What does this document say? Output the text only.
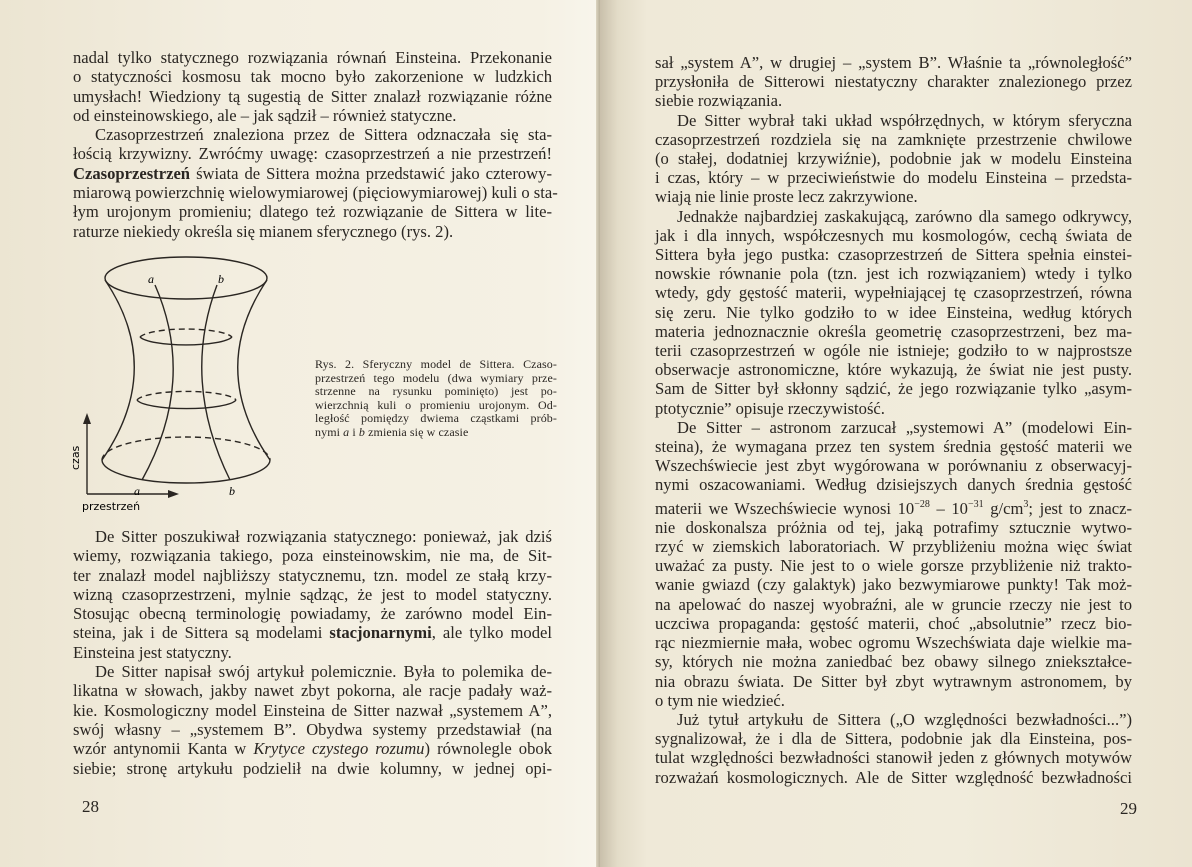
nadal tylko statycznego rozwiązania równań Einsteina. Przekonanie
o statyczności kosmosu tak mocno było zakorzenione w ludzkich
umysłach! Wiedziony tą sugestią de Sitter znalazł rozwiązanie różne
od einsteinowskiego, ale – jak sądził – również statyczne.
Czasoprzestrzeń znaleziona przez de Sittera odznaczała się sta-
łością krzywizny. Zwróćmy uwagę: czasoprzestrzeń a nie przestrzeń!
Czasoprzestrzeń świata de Sittera można przedstawić jako czterowy-
miarową powierzchnię wielowymiarowej (pięciowymiarowej) kuli o sta-
łym urojonym promieniu; dlatego też rozwiązanie de Sittera w lite-
raturze niekiedy określa się mianem sferycznego (rys. 2).
a	b
a	b
czas
przestrzeń
Rys. 2. Sferyczny model de Sittera. Czaso-
przestrzeń tego modelu (dwa wymiary prze-
strzenne na rysunku pominięto) jest po-
wierzchnią kuli o promieniu urojonym. Od-
ległość pomiędzy dwiema cząstkami prób-
nymi a i b zmienia się w czasie
De Sitter poszukiwał rozwiązania statycznego: ponieważ, jak dziś
wiemy, rozwiązania takiego, poza einsteinowskim, nie ma, de Sit-
ter znalazł model najbliższy statycznemu, tzn. model ze stałą krzy-
wizną czasoprzestrzeni, mylnie sądząc, że jest to model statyczny.
Stosując obecną terminologię powiadamy, że zarówno model Ein-
steina, jak i de Sittera są modelami stacjonarnymi, ale tylko model
Einsteina jest statyczny.
De Sitter napisał swój artykuł polemicznie. Była to polemika de-
likatna w słowach, jakby nawet zbyt pokorna, ale racje padały waż-
kie. Kosmologiczny model Einsteina de Sitter nazwał „systemem A”,
swój własny – „systemem B”. Obydwa systemy przedstawiał (na
wzór antynomii Kanta w Krytyce czystego rozumu) równolegle obok
siebie; stronę artykułu podzielił na dwie kolumny, w jednej opi-
28
sał „system A”, w drugiej – „system B”. Właśnie ta „równoległość”
przysłoniła de Sitterowi niestatyczny charakter znalezionego przez
siebie rozwiązania.
De Sitter wybrał taki układ współrzędnych, w którym sferyczna
czasoprzestrzeń rozdziela się na zamknięte przestrzenie chwilowe
(o stałej, dodatniej krzywiźnie), podobnie jak w modelu Einsteina
i czas, który – w przeciwieństwie do modelu Einsteina – przedsta-
wiają nie linie proste lecz zakrzywione.
Jednakże najbardziej zaskakującą, zarówno dla samego odkrywcy,
jak i dla innych, współczesnych mu kosmologów, cechą świata de
Sittera była jego pustka: czasoprzestrzeń de Sittera spełnia einstei-
nowskie równanie pola (tzn. jest ich rozwiązaniem) wtedy i tylko
wtedy, gdy gęstość materii, wypełniającej tę czasoprzestrzeń, równa
się zeru. Nie tylko godziło to w idee Einsteina, według których
materia jednoznacznie określa geometrię czasoprzestrzeni, bez ma-
terii czasoprzestrzeń w ogóle nie istnieje; godziło to w najprostsze
obserwacje astronomiczne, które wykazują, że świat nie jest pusty.
Sam de Sitter był skłonny sądzić, że jego rozwiązanie tylko „asym-
ptotycznie” opisuje rzeczywistość.
De Sitter – astronom zarzucał „systemowi A” (modelowi Ein-
steina), że wymagana przez ten system średnia gęstość materii we
Wszechświecie jest zbyt wygórowana w porównaniu z obserwacyj-
nymi oszacowaniami. Według dzisiejszych danych średnia gęstość
materii we Wszechświecie wynosi $10^{-28} - 10^{-31}$ $g/cm^3$; jest to znacz-
nie doskonalsza próżnia od tej, jaką potrafimy sztucznie wytwo-
rzyć w ziemskich laboratoriach. W przybliżeniu można więc świat
uważać za pusty. Nie jest to o wiele gorsze przybliżenie niż trakto-
wanie gwiazd (czy galaktyk) jako bezwymiarowe punkty! Tak moż-
na apelować do naszej wyobraźni, ale w gruncie rzeczy nie jest to
uczciwa propaganda: gęstość materii, choć „absolutnie” rzecz bio-
rąc niezmiernie mała, wobec ogromu Wszechświata daje wielkie ma-
sy, których nie można zaniedbać bez obawy silnego zniekształce-
nia obrazu świata. De Sitter był zbyt wytrawnym astronomem, by
o tym nie wiedzieć.
Już tytuł artykułu de Sittera („O względności bezwładności...”)
sygnalizował, że i dla de Sittera, podobnie jak dla Einsteina, pos-
tulat względności bezwładności stanowił jeden z głównych motywów
rozważań kosmologicznych. Ale de Sitter względność bezwładności
29
